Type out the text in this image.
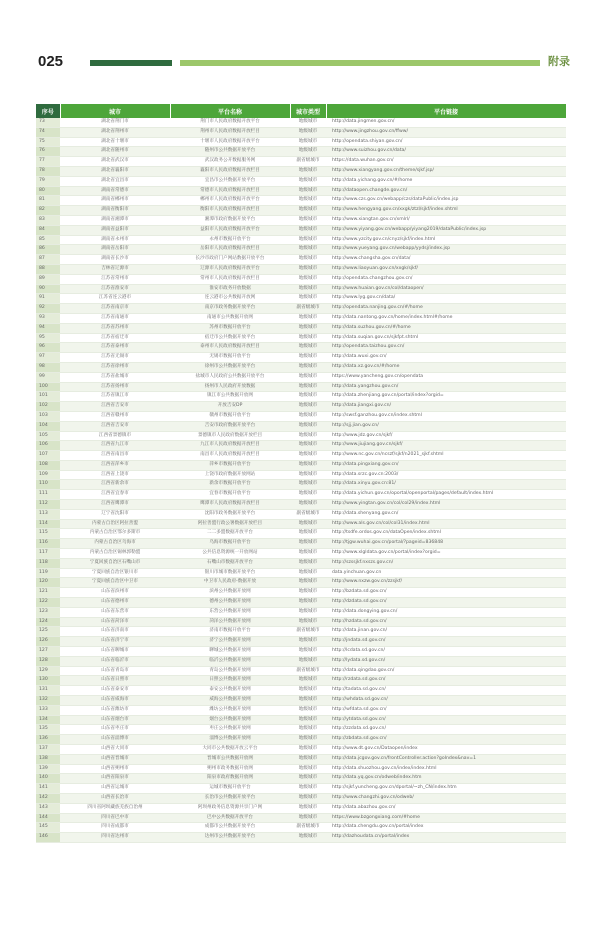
025	附录
序号	城市	平台名称	城市类型	平台链接
73	湖北省荆门市	荆门市人民政府数据开放平台	地级城市	http://data.jingmen.gov.cn/
74	湖北省荆州市	荆州市人民政府数据开放栏目	地级城市	http://www.jingzhou.gov.cn/ffww/
75	湖北省十堰市	十堰市人民政府数据开放平台	地级城市	http://opendata.shiyan.gov.cn/
76	湖北省随州市	随州市公共数据开放平台	地级城市	http://www.suizhou.gov.cn/data/
77	湖北省武汉市	武汉政务公开数据服务网	副省级城市	https://data.wuhan.gov.cn/
78	湖北省襄阳市	襄阳市人民政府数据开放栏目	地级城市	http://www.xiangyang.gov.cn/theme/sjkf.jsp/
79	湖北省宜昌市	宜昌市公共数据开放平台	地级城市	http://data.yichang.gov.cn/#/home
80	湖南省常德市	常德市人民政府数据开放栏目	地级城市	http://dataopen.changde.gov.cn/
81	湖南省郴州市	郴州市人民政府数据开放平台	地级城市	http://www.czs.gov.cn/webapp/czs/dataPublic/index.jsp
82	湖南省衡阳市	衡阳市人民政府数据开放栏目	地级城市	http://www.hengyang.gov.cn/xxgk/ztzl/sjkf/index.shtml
83	湖南省湘潭市	湘潭市政府数据开放平台	地级城市	http://www.xiangtan.gov.cn/xmlrl/
84	湖南省益阳市	益阳市人民政府数据开放平台	地级城市	http://www.yiyang.gov.cn/webapp/yiyang2019/dataPublic/index.jsp
85	湖南省永州市	永州市数据开放平台	地级城市	http://www.yzcity.gov.cn/cnyz/sjkf/index.html
86	湖南省岳阳市	岳阳市人民政府数据开放栏目	地级城市	http://www.yueyang.gov.cn/webapp/yydsj/index.jsp
87	湖南省长沙市	长沙市政府门户网站数据开放平台	地级城市	http://www.changsha.gov.cn/data/
88	吉林省辽源市	辽源市人民政府数据开放平台	地级城市	http://www.liaoyuan.gov.cn/xxgk/sjkf/
89	江苏省常州市	常州市人民政府数据开放栏目	地级城市	http://opendata.changzhou.gov.cn/
90	江苏省淮安市	淮安市政务开放数据	地级城市	http://www.huaian.gov.cn/col/dataopen/
91	江苏省连云港市	连云港市公共数据开放网	地级城市	http://www.lyg.gov.cn/data/
92	江苏省南京市	南京市政务数据开放平台	副省级城市	http://opendata.nanjing.gov.cn/#/home
93	江苏省南通市	南通市公共数据开放网	地级城市	http://data.nantong.gov.cn/home/index.html#/home
94	江苏省苏州市	苏州市数据开放平台	地级城市	http://data.suzhou.gov.cn/#/home
95	江苏省宿迁市	宿迁市公共数据开放平台	地级城市	http://data.suqian.gov.cn/sjkfpt.shtml
96	江苏省泰州市	泰州市人民政府数据开放栏目	地级城市	http://opendata.taizhou.gov.cn/
97	江苏省无锡市	无锡市数据开放平台	地级城市	http://data.wuxi.gov.cn/
98	江苏省徐州市	徐州市公共数据开放平台	地级城市	http://data.xz.gov.cn/#/home
99	江苏省盐城市	盐城市人民政府公共数据开放平台	地级城市	https://www.yancheng.gov.cn/opendata
100	江苏省扬州市	扬州市人民政府开放数据	地级城市	http://data.yangzhou.gov.cn/
101	江苏省镇江市	镇江市公共数据开放网	地级城市	http://data.zhenjiang.gov.cn/portal/index?orgid=
102	江西省吉安市	开放吉安DP	地级城市	http://data.jiangxi.gov.cn/
103	江西省赣州市	赣州市数据开放平台	地级城市	http://swsf.ganzhou.gov.cn/index.shtml
104	江西省吉安市	吉安市政府数据开放平台	地级城市	http://sjj.jian.gov.cn/
105	江西省景德镇市	景德镇市人民政府数据开放栏目	地级城市	http://www.jdz.gov.cn/sjkf/
106	江西省九江市	九江市人民政府数据开放栏目	地级城市	http://www.jiujiang.gov.cn/sjkf/
107	江西省南昌市	南昌市人民政府数据开放栏目	地级城市	http://www.nc.gov.cn/ncszf/sjkf/n2021_sjkf.shtml
108	江西省萍乡市	萍乡市数据开放平台	地级城市	http://data.pingxiang.gov.cn/
109	江西省上饶市	上饶市政府数据开放网站	地级城市	http://data.srzc.gov.cn:2003/
110	江西省新余市	新余市数据开放平台	地级城市	http://data.xinyu.gov.cn:81/
111	江西省宜春市	宜春市数据开放平台	地级城市	http://data.yichun.gov.cn/oportal/openportal/pages/default/index.html
112	江西省鹰潭市	鹰潭市人民政府数据开放栏目	地级城市	http://www.yingtan.gov.cn/col/col29/index.html
113	辽宁省沈阳市	沈阳市政务数据开放平台	副省级城市	http://data.shenyang.gov.cn/
114	内蒙古自治区阿拉善盟	阿拉善盟行政公署数据开放栏目	地级城市	http://www.als.gov.cn/col/col31/index.html
115	内蒙古自治区鄂尔多斯市	二二多盟数据开放平台	地级城市	http://tsdfe.ordos.gov.cn/dataOpen/index.shtml
116	内蒙古自治区乌海市	乌海市数据开放平台	地级城市	http://tjgw.wuhai.gov.cn/portal/?pageid=836848
117	内蒙古自治区锡林郭勒盟	公共信息资源统一开放网站	地级城市	http://www.xlgldata.gov.cn/portal/index?orgid=
118	宁夏回族自治区石嘴山市	石嘴山市数据开放平台	地级城市	http://szssjkf.nxszs.gov.cn/
119	宁夏回族自治区银川市	银川市城市数据开放平台	地级城市	data.yinchuan.gov.cn
120	宁夏回族自治区中卫市	中卫市人民政府-数据开放	地级城市	http://www.nxzw.gov.cn/zzsjkf/
121	山东省滨州市	滨州公共数据开放网	地级城市	http://bzdata.sd.gov.cn/
122	山东省德州市	德州公共数据开放网	地级城市	http://dzdata.sd.gov.cn/
123	山东省东营市	东营公共数据开放网	地级城市	http://data.dongying.gov.cn/
124	山东省菏泽市	菏泽公共数据开放网	地级城市	http://hzdata.sd.gov.cn/
125	山东省济南市	济南市数据开放平台	副省级城市	http://data.jinan.gov.cn/
126	山东省济宁市	济宁公共数据开放网	地级城市	http://jndata.sd.gov.cn/
127	山东省聊城市	聊城公共数据开放网	地级城市	http://lcdata.sd.gov.cn/
128	山东省临沂市	临沂公共数据开放网	地级城市	http://lydata.sd.gov.cn/
129	山东省青岛市	青岛公共数据开放网	副省级城市	http://data.qingdao.gov.cn/
130	山东省日照市	日照公共数据开放网	地级城市	http://rzdata.sd.gov.cn/
131	山东省泰安市	泰安公共数据开放网	地级城市	http://tadata.sd.gov.cn/
132	山东省威海市	威海公共数据开放网	地级城市	http://whdata.sd.gov.cn/
133	山东省潍坊市	潍坊公共数据开放网	地级城市	http://wfdata.sd.gov.cn/
134	山东省烟台市	烟台公共数据开放网	地级城市	http://ytdata.sd.gov.cn/
135	山东省枣庄市	枣庄公共数据开放网	地级城市	http://zzdata.sd.gov.cn/
136	山东省淄博市	淄博公共数据开放网	地级城市	http://zbdata.sd.gov.cn/
137	山西省大同市	大同市公共数据开放云平台	地级城市	http://www.dt.gov.cn/Dataopen/index
138	山西省晋城市	晋城市公共数据开放网	地级城市	http://data.jcgov.gov.cn/frontController.action?goIndex&nav=1
139	山西省朔州市	朔州市政务数据开放网	地级城市	http://data.shuozhou.gov.cn/index/index.html
140	山西省阳泉市	阳泉市政府数据开放网	地级城市	http://data.yq.gov.cn/odweb/index.htm
141	山西省运城市	运城市数据开放平台	地级城市	http://sjkf.yuncheng.gov.cn/dportal/~zh_CN/index.htm
142	山西省长治市	长治市公共数据开放平台	地级城市	http://www.changzhi.gov.cn/odweb/
143	四川省阿坝藏族羌族自治州	阿坝州政务信息资源共享门户网	地级城市	http://data.abazhou.gov.cn/
144	四川省巴中市	巴中公共数据开放平台	地级城市	https://www.bzgongxiang.com/#home
145	四川省成都市	成都市公共数据开放平台	副省级城市	http://data.chengdu.gov.cn/portal/index
146	四川省达州市	达州市公共数据开放平台	地级城市	http://dazhoudata.cn/portal/index
